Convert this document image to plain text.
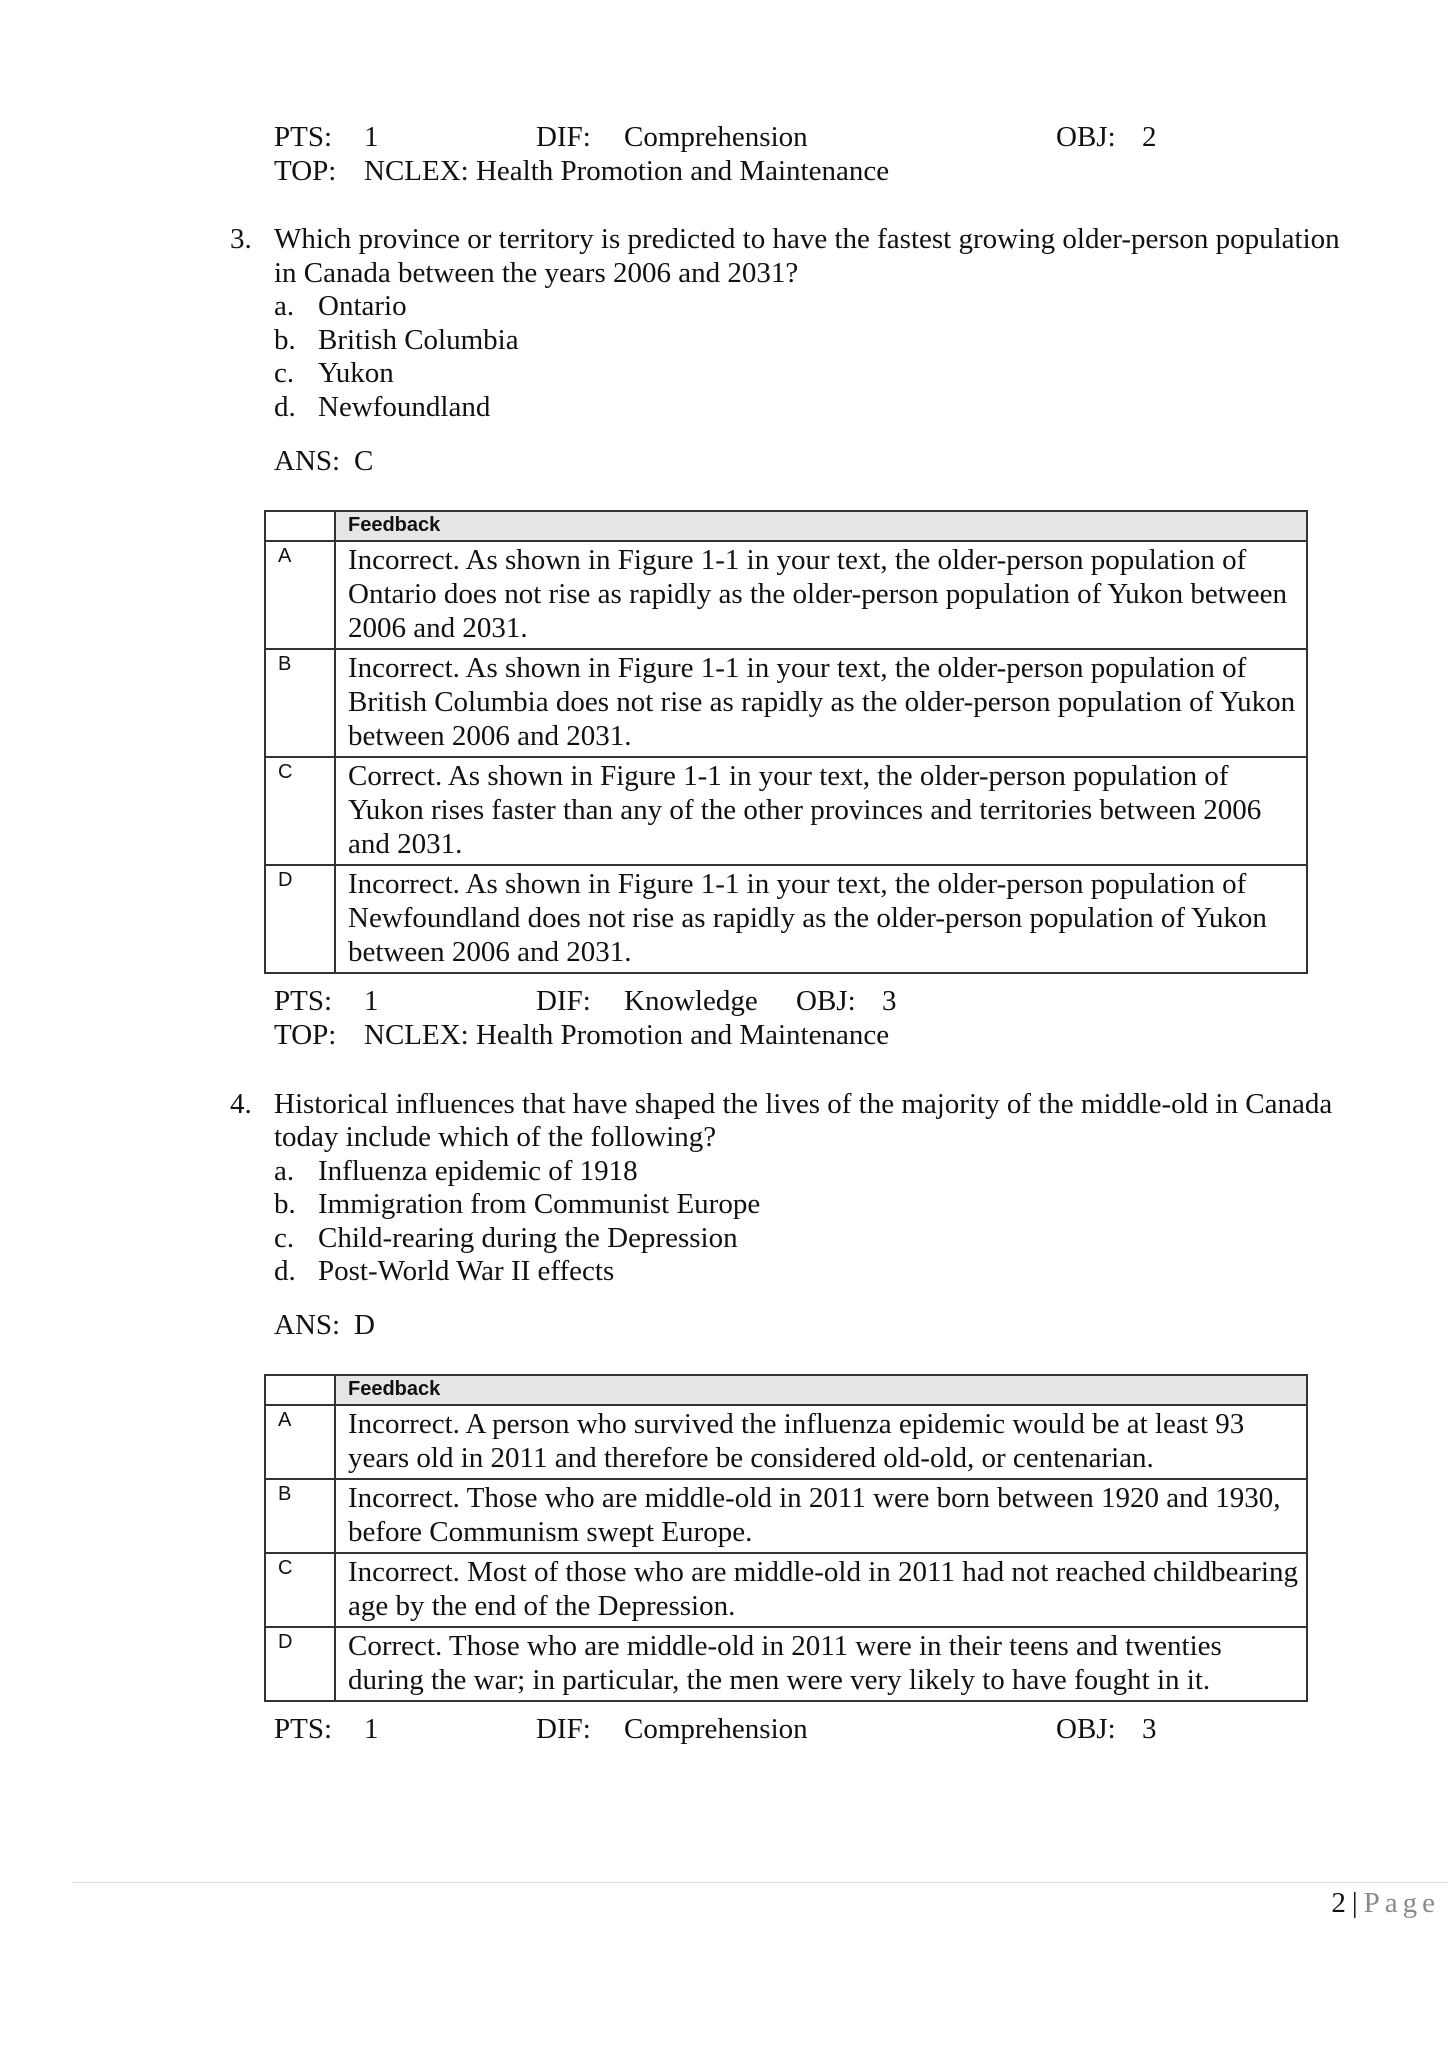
PTS: 1	DIF: Comprehension	OBJ: 2
TOP: NCLEX: Health Promotion and Maintenance
3. Which province or territory is predicted to have the fastest growing older-person population
in Canada between the years 2006 and 2031?
a. Ontario
b. British Columbia
c. Yukon
d. Newfoundland
ANS: C
	Feedback
A	Incorrect. As shown in Figure 1-1 in your text, the older-person population of Ontario does not rise as rapidly as the older-person population of Yukon between 2006 and 2031.
B	Incorrect. As shown in Figure 1-1 in your text, the older-person population of British Columbia does not rise as rapidly as the older-person population of Yukon between 2006 and 2031.
C	Correct. As shown in Figure 1-1 in your text, the older-person population of Yukon rises faster than any of the other provinces and territories between 2006 and 2031.
D	Incorrect. As shown in Figure 1-1 in your text, the older-person population of Newfoundland does not rise as rapidly as the older-person population of Yukon between 2006 and 2031.
PTS: 1	DIF: Knowledge OBJ: 3
TOP: NCLEX: Health Promotion and Maintenance
4. Historical influences that have shaped the lives of the majority of the middle-old in Canada
today include which of the following?
a. Influenza epidemic of 1918
b. Immigration from Communist Europe
c. Child-rearing during the Depression
d. Post-World War II effects
ANS: D
	Feedback
A	Incorrect. A person who survived the influenza epidemic would be at least 93 years old in 2011 and therefore be considered old-old, or centenarian.
B	Incorrect. Those who are middle-old in 2011 were born between 1920 and 1930, before Communism swept Europe.
C	Incorrect. Most of those who are middle-old in 2011 had not reached childbearing age by the end of the Depression.
D	Correct. Those who are middle-old in 2011 were in their teens and twenties during the war; in particular, the men were very likely to have fought in it.
PTS: 1	DIF: Comprehension	OBJ: 3
2 | Page
